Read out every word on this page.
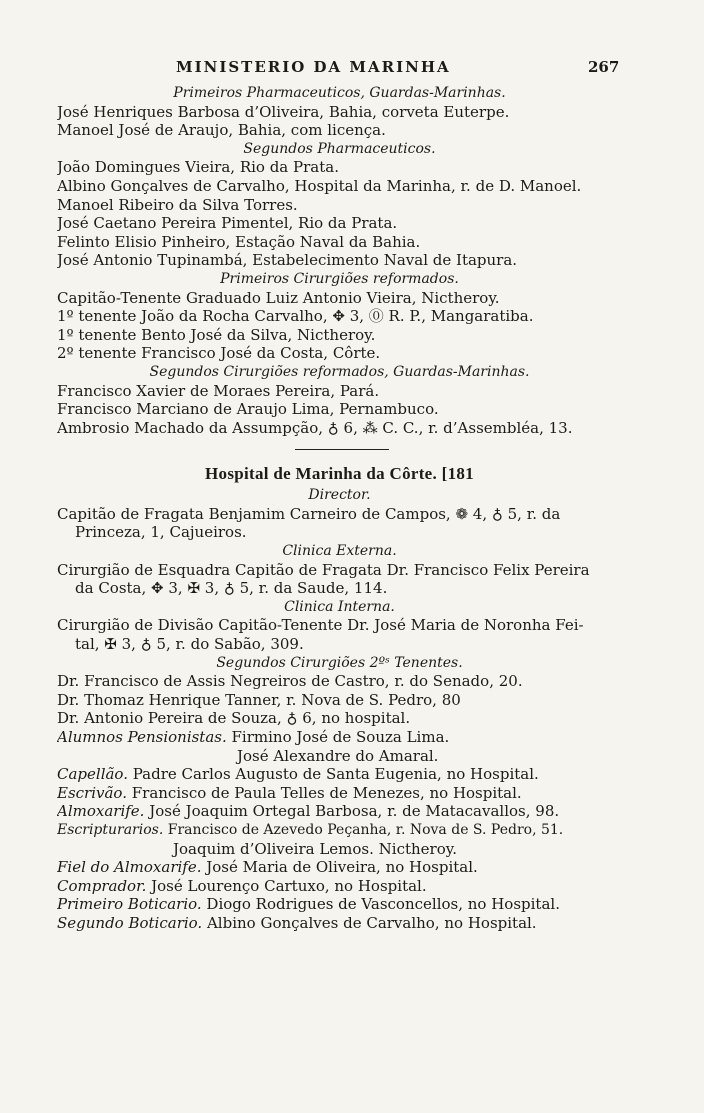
MINISTERIO DA MARINHA	267
Primeiros Pharmaceuticos, Guardas-Marinhas.
José Henriques Barbosa d’Oliveira, Bahia, corveta Euterpe.
Manoel José de Araujo, Bahia, com licença.
Segundos Pharmaceuticos.
João Domingues Vieira, Rio da Prata.
Albino Gonçalves de Carvalho, Hospital da Marinha, r. de D. Manoel.
Manoel Ribeiro da Silva Torres.
José Caetano Pereira Pimentel, Rio da Prata.
Felinto Elisio Pinheiro, Estação Naval da Bahia.
José Antonio Tupinambá, Estabelecimento Naval de Itapura.
Primeiros Cirurgiões reformados.
Capitão-Tenente Graduado Luiz Antonio Vieira, Nictheroy.
1º tenente João da Rocha Carvalho, ✥ 3, ⓪ R. P., Mangaratiba.
1º tenente Bento José da Silva, Nictheroy.
2º tenente Francisco José da Costa, Côrte.
Segundos Cirurgiões reformados, Guardas-Marinhas.
Francisco Xavier de Moraes Pereira, Pará.
Francisco Marciano de Araujo Lima, Pernambuco.
Ambrosio Machado da Assumpção, ♁ 6, ⁂ C. C., r. d’Assembléa, 13.
Hospital de Marinha da Côrte. [181
Director.
Capitão de Fragata Benjamim Carneiro de Campos, ❁ 4, ♁ 5, r. da
Princeza, 1, Cajueiros.
Clinica Externa.
Cirurgião de Esquadra Capitão de Fragata Dr. Francisco Felix Pereira
da Costa, ✥ 3, ✠ 3, ♁ 5, r. da Saude, 114.
Clinica Interna.
Cirurgião de Divisão Capitão-Tenente Dr. José Maria de Noronha Fei-
tal, ✠ 3, ♁ 5, r. do Sabão, 309.
Segundos Cirurgiões 2ºˢ Tenentes.
Dr. Francisco de Assis Negreiros de Castro, r. do Senado, 20.
Dr. Thomaz Henrique Tanner, r. Nova de S. Pedro, 80
Dr. Antonio Pereira de Souza, ♁ 6, no hospital.
Alumnos Pensionistas. Firmino José de Souza Lima.
José Alexandre do Amaral.
Capellão. Padre Carlos Augusto de Santa Eugenia, no Hospital.
Escrivão. Francisco de Paula Telles de Menezes, no Hospital.
Almoxarife. José Joaquim Ortegal Barbosa, r. de Matacavallos, 98.
Escripturarios. Francisco de Azevedo Peçanha, r. Nova de S. Pedro, 51.
Joaquim d’Oliveira Lemos. Nictheroy.
Fiel do Almoxarife. José Maria de Oliveira, no Hospital.
Comprador. José Lourenço Cartuxo, no Hospital.
Primeiro Boticario. Diogo Rodrigues de Vasconcellos, no Hospital.
Segundo Boticario. Albino Gonçalves de Carvalho, no Hospital.
